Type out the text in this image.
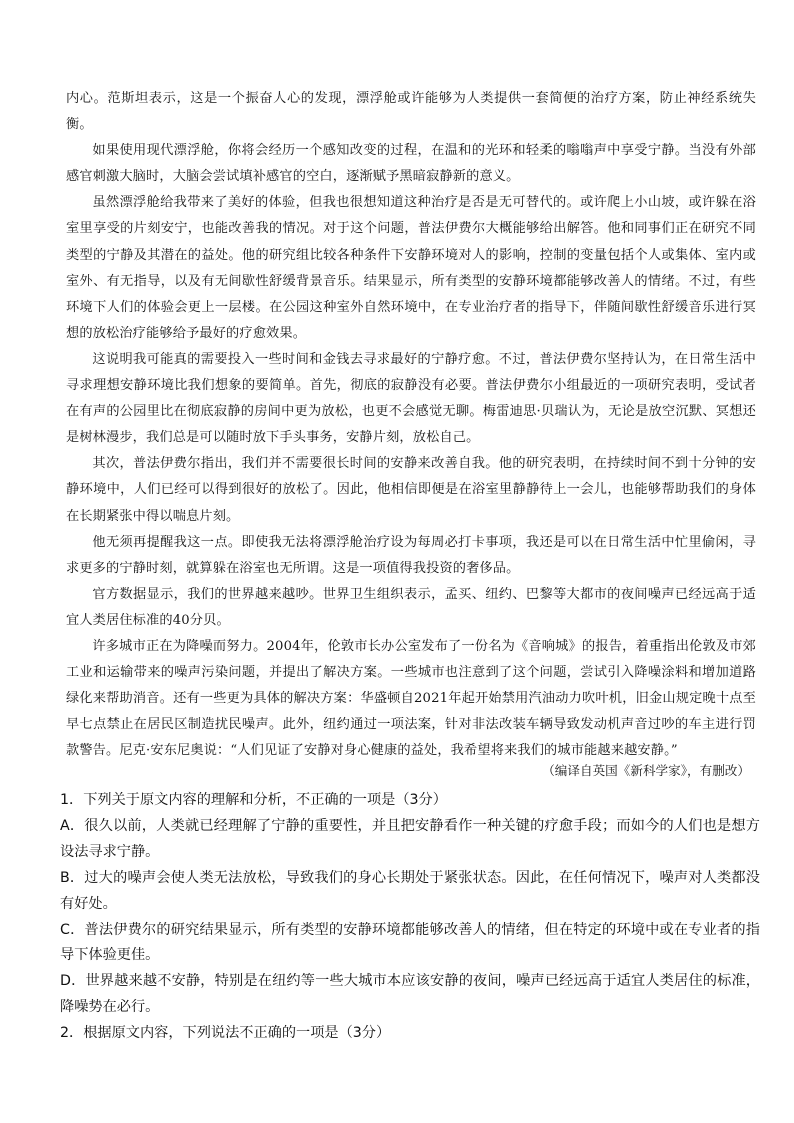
内心。范斯坦表示，这是一个振奋人心的发现，漂浮舱或许能够为人类提供一套简便的治疗方案，防止神经系统失衡。

如果使用现代漂浮舱，你将会经历一个感知改变的过程，在温和的光环和轻柔的嗡嗡声中享受宁静。当没有外部感官刺激大脑时，大脑会尝试填补感官的空白，逐渐赋予黑暗寂静新的意义。

虽然漂浮舱给我带来了美好的体验，但我也很想知道这种治疗是否是无可替代的。或许爬上小山坡，或许躲在浴室里享受的片刻安宁，也能改善我的情况。对于这个问题，普法伊费尔大概能够给出解答。他和同事们正在研究不同类型的宁静及其潜在的益处。他的研究组比较各种条件下安静环境对人的影响，控制的变量包括个人或集体、室内或室外、有无指导，以及有无间歇性舒缓背景音乐。结果显示，所有类型的安静环境都能够改善人的情绪。不过，有些环境下人们的体验会更上一层楼。在公园这种室外自然环境中，在专业治疗者的指导下，伴随间歇性舒缓音乐进行冥想的放松治疗能够给予最好的疗愈效果。

这说明我可能真的需要投入一些时间和金钱去寻求最好的宁静疗愈。不过，普法伊费尔坚持认为，在日常生活中寻求理想安静环境比我们想象的要简单。首先，彻底的寂静没有必要。普法伊费尔小组最近的一项研究表明，受试者在有声的公园里比在彻底寂静的房间中更为放松，也更不会感觉无聊。梅雷迪思·贝瑞认为，无论是放空沉默、冥想还是树林漫步，我们总是可以随时放下手头事务，安静片刻，放松自己。

其次，普法伊费尔指出，我们并不需要很长时间的安静来改善自我。他的研究表明，在持续时间不到十分钟的安静环境中，人们已经可以得到很好的放松了。因此，他相信即便是在浴室里静静待上一会儿，也能够帮助我们的身体在长期紧张中得以喘息片刻。

他无须再提醒我这一点。即使我无法将漂浮舱治疗设为每周必打卡事项，我还是可以在日常生活中忙里偷闲，寻求更多的宁静时刻，就算躲在浴室也无所谓。这是一项值得我投资的奢侈品。

官方数据显示，我们的世界越来越吵。世界卫生组织表示，孟买、纽约、巴黎等大都市的夜间噪声已经远高于适宜人类居住标准的40分贝。

许多城市正在为降噪而努力。2004年，伦敦市长办公室发布了一份名为《音响城》的报告，着重指出伦敦及市郊工业和运输带来的噪声污染问题，并提出了解决方案。一些城市也注意到了这个问题，尝试引入降噪涂料和增加道路绿化来帮助消音。还有一些更为具体的解决方案：华盛顿自2021年起开始禁用汽油动力吹叶机，旧金山规定晚十点至早七点禁止在居民区制造扰民噪声。此外，纽约通过一项法案，针对非法改装车辆导致发动机声音过吵的车主进行罚款警告。尼克·安东尼奥说：“人们见证了安静对身心健康的益处，我希望将来我们的城市能越来越安静。”

（编译自英国《新科学家》，有删改）

1．下列关于原文内容的理解和分析，不正确的一项是（3分）

A．很久以前，人类就已经理解了宁静的重要性，并且把安静看作一种关键的疗愈手段；而如今的人们也是想方设法寻求宁静。

B．过大的噪声会使人类无法放松，导致我们的身心长期处于紧张状态。因此，在任何情况下，噪声对人类都没有好处。

C．普法伊费尔的研究结果显示，所有类型的安静环境都能够改善人的情绪，但在特定的环境中或在专业者的指导下体验更佳。

D．世界越来越不安静，特别是在纽约等一些大城市本应该安静的夜间，噪声已经远高于适宜人类居住的标准，降噪势在必行。

2．根据原文内容，下列说法不正确的一项是（3分）
